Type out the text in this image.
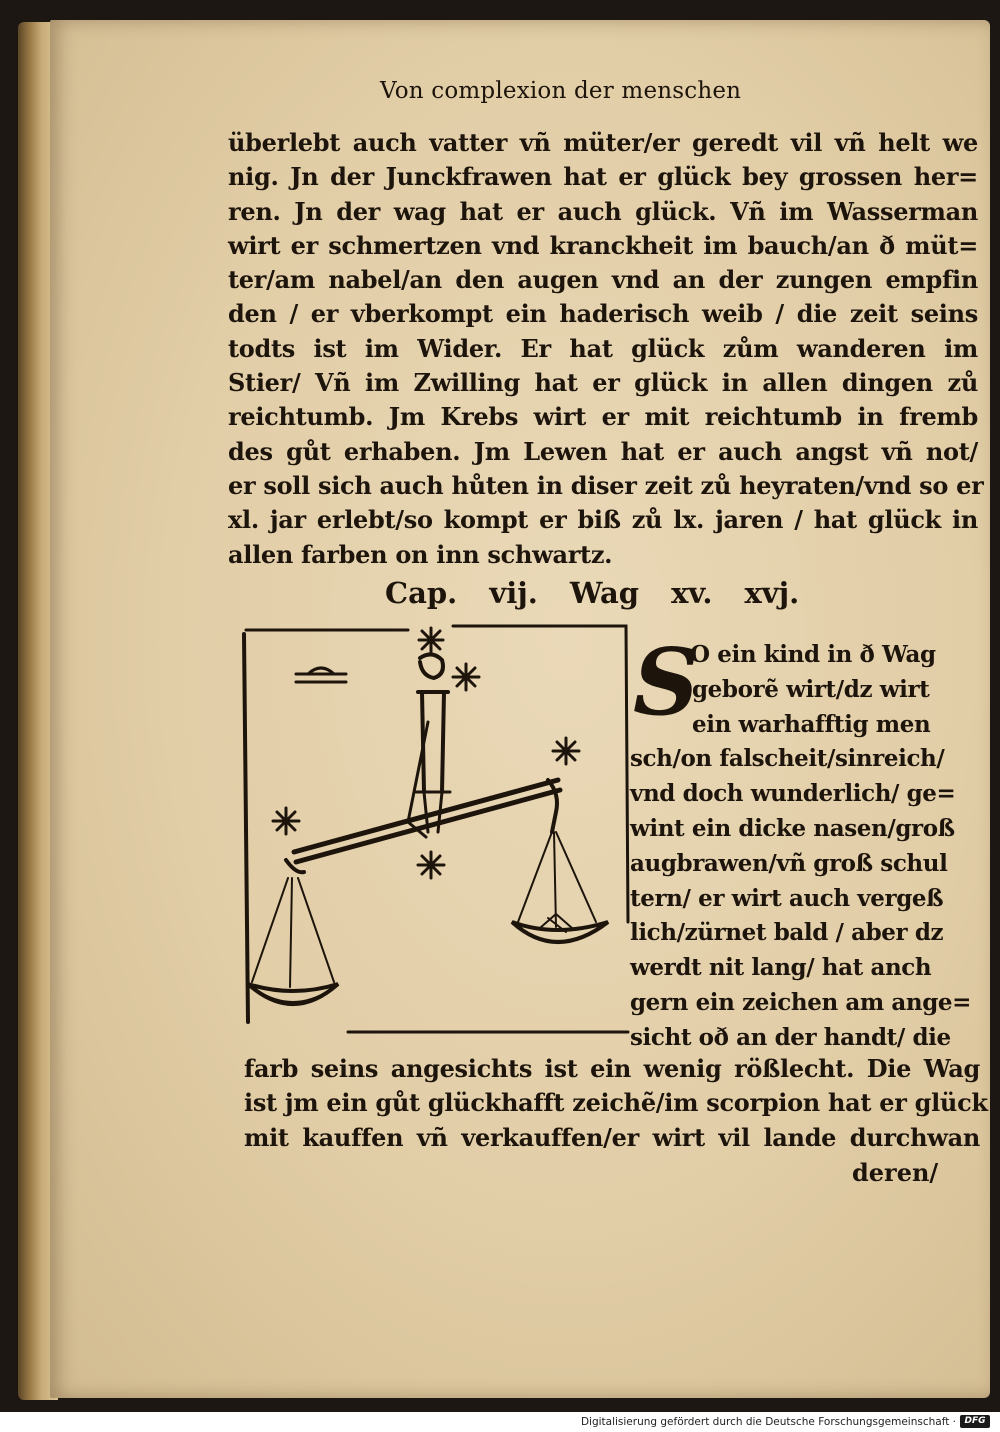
Von complexion der menschen
überlebt auch vatter vñ müter/er geredt vil vñ helt we
nig. Jn der Junckfrawen hat er glück bey grossen her=
ren. Jn der wag hat er auch glück. Vñ im Wasserman
wirt er schmertzen vnd kranckheit im bauch/an ð müt=
ter/am nabel/an den augen vnd an der zungen empfin
den / er vberkompt ein haderisch weib / die zeit seins
todts ist im Wider. Er hat glück zům wanderen im
Stier/ Vñ im Zwilling hat er glück in allen dingen zů
reichtumb. Jm Krebs wirt er mit reichtumb in fremb
des gůt erhaben. Jm Lewen hat er auch angst vñ not/
er soll sich auch hůten in diser zeit zů heyraten/vnd so er
xl. jar erlebt/so kompt er biß zů lx. jaren / hat glück in
allen farben on inn schwartz.
Cap. vij. Wag xv. xvj.
S
O ein kind in ð Wag
geborẽ wirt/dz wirt
ein warhafftig men
sch/on falscheit/sinreich/
vnd doch wunderlich/ ge=
wint ein dicke nasen/groß
augbrawen/vñ groß schul
tern/ er wirt auch vergeß
lich/zürnet bald / aber dz
werdt nit lang/ hat anch
gern ein zeichen am ange=
sicht oð an der handt/ die
farb seins angesichts ist ein wenig rößlecht. Die Wag
ist jm ein gůt glückhafft zeichẽ/im scorpion hat er glück
mit kauffen vñ verkauffen/er wirt vil lande durchwan
deren/
Digitalisierung gefördert durch die Deutsche Forschungsgemeinschaft · DFG
